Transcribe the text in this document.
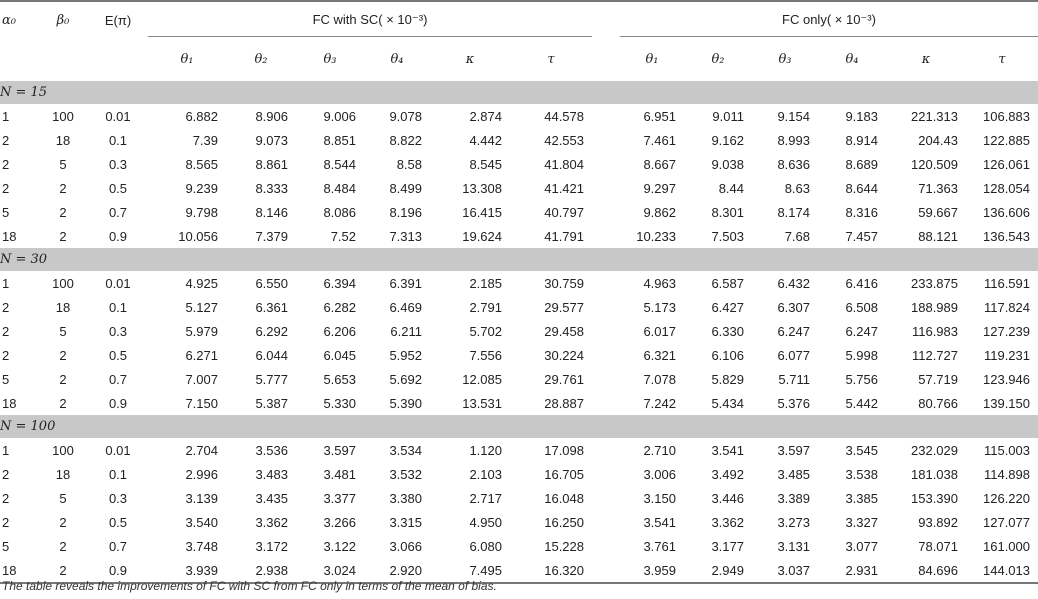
α₀	β₀	E(π)	FC with SC( × 10⁻³)							FC only( × 10⁻³)					
			θ₁	θ₂	θ₃	θ₄	κ	τ		θ₁	θ₂	θ₃	θ₄	κ	τ
N = 15															
1	100	0.01	6.882	8.906	9.006	9.078	2.874	44.578		6.951	9.011	9.154	9.183	221.313	106.883
2	18	0.1	7.39	9.073	8.851	8.822	4.442	42.553		7.461	9.162	8.993	8.914	204.43	122.885
2	5	0.3	8.565	8.861	8.544	8.58	8.545	41.804		8.667	9.038	8.636	8.689	120.509	126.061
2	2	0.5	9.239	8.333	8.484	8.499	13.308	41.421		9.297	8.44	8.63	8.644	71.363	128.054
5	2	0.7	9.798	8.146	8.086	8.196	16.415	40.797		9.862	8.301	8.174	8.316	59.667	136.606
18	2	0.9	10.056	7.379	7.52	7.313	19.624	41.791		10.233	7.503	7.68	7.457	88.121	136.543
N = 30															
1	100	0.01	4.925	6.550	6.394	6.391	2.185	30.759		4.963	6.587	6.432	6.416	233.875	116.591
2	18	0.1	5.127	6.361	6.282	6.469	2.791	29.577		5.173	6.427	6.307	6.508	188.989	117.824
2	5	0.3	5.979	6.292	6.206	6.211	5.702	29.458		6.017	6.330	6.247	6.247	116.983	127.239
2	2	0.5	6.271	6.044	6.045	5.952	7.556	30.224		6.321	6.106	6.077	5.998	112.727	119.231
5	2	0.7	7.007	5.777	5.653	5.692	12.085	29.761		7.078	5.829	5.711	5.756	57.719	123.946
18	2	0.9	7.150	5.387	5.330	5.390	13.531	28.887		7.242	5.434	5.376	5.442	80.766	139.150
N = 100															
1	100	0.01	2.704	3.536	3.597	3.534	1.120	17.098		2.710	3.541	3.597	3.545	232.029	115.003
2	18	0.1	2.996	3.483	3.481	3.532	2.103	16.705		3.006	3.492	3.485	3.538	181.038	114.898
2	5	0.3	3.139	3.435	3.377	3.380	2.717	16.048		3.150	3.446	3.389	3.385	153.390	126.220
2	2	0.5	3.540	3.362	3.266	3.315	4.950	16.250		3.541	3.362	3.273	3.327	93.892	127.077
5	2	0.7	3.748	3.172	3.122	3.066	6.080	15.228		3.761	3.177	3.131	3.077	78.071	161.000
18	2	0.9	3.939	2.938	3.024	2.920	7.495	16.320		3.959	2.949	3.037	2.931	84.696	144.013

The table reveals the improvements of FC with SC from FC only in terms of the mean of bias.
